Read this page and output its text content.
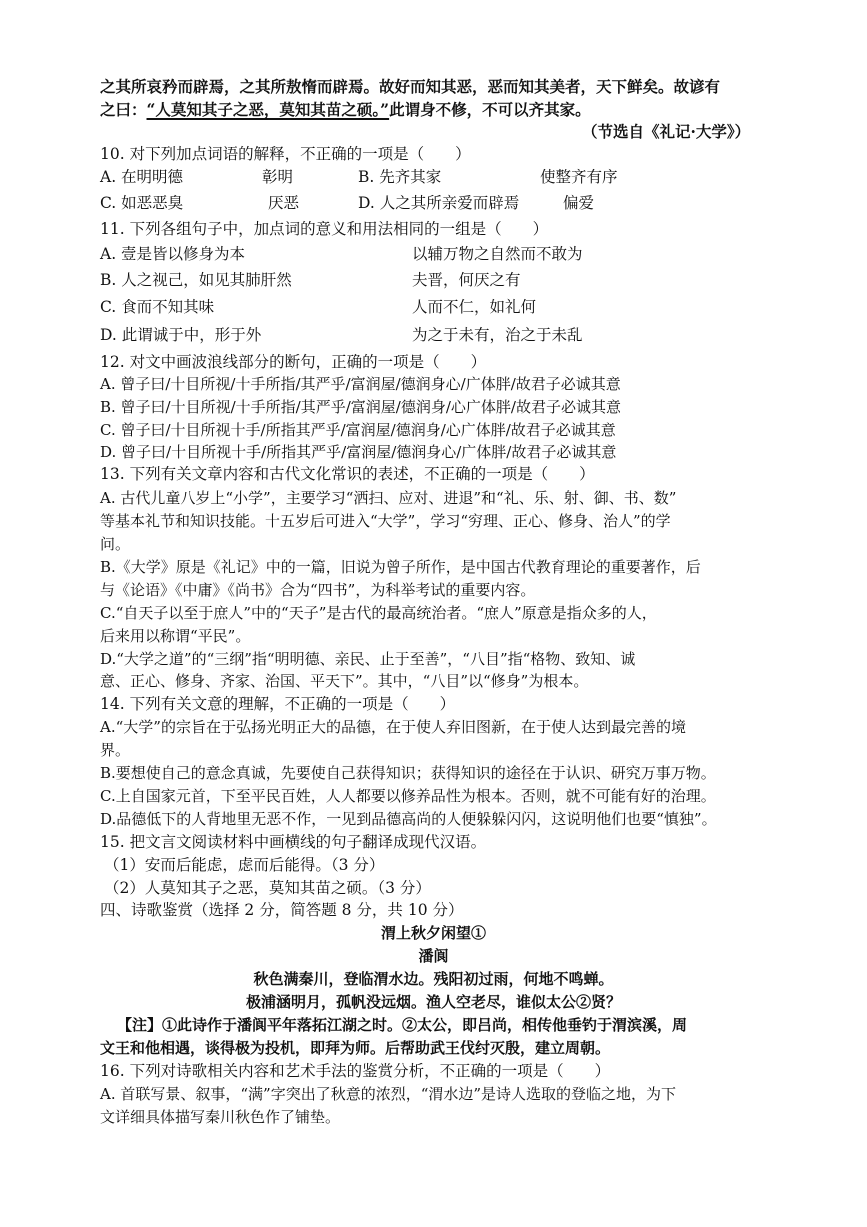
之其所哀矜而辟焉，之其所敖惰而辟焉。故好而知其恶，恶而知其美者，天下鲜矣。故谚有
之曰：“人莫知其子之恶，莫知其苗之硕。”此谓身不修，不可以齐其家。
（节选自《礼记·大学》）
10. 对下列加点词语的解释，不正确的一项是（　　）
A. 在明明德	彰明	B. 先齐其家	使整齐有序
C. 如恶恶臭	厌恶	D. 人之其所亲爱而辟焉	偏爱
11. 下列各组句子中，加点词的意义和用法相同的一组是（　　）
A. 壹是皆以修身为本	以辅万物之自然而不敢为
B. 人之视己，如见其肺肝然	夫晋，何厌之有
C. 食而不知其味	人而不仁，如礼何
D. 此谓诚于中，形于外	为之于未有，治之于未乱
12. 对文中画波浪线部分的断句，正确的一项是（　　）
A. 曾子曰/十目所视/十手所指/其严乎/富润屋/德润身心/广体胖/故君子必诚其意
B. 曾子曰/十目所视/十手所指/其严乎/富润屋/德润身/心广体胖/故君子必诚其意
C. 曾子曰/十目所视十手/所指其严乎/富润屋/德润身/心广体胖/故君子必诚其意
D. 曾子曰/十目所视十手/所指其严乎/富润屋/德润身心/广体胖/故君子必诚其意
13. 下列有关文章内容和古代文化常识的表述，不正确的一项是（　　）
A. 古代儿童八岁上“小学”，主要学习“洒扫、应对、进退”和“礼、乐、射、御、书、数”
等基本礼节和知识技能。十五岁后可进入“大学”，学习“穷理、正心、修身、治人”的学
问。
B.《大学》原是《礼记》中的一篇，旧说为曾子所作，是中国古代教育理论的重要著作，后
与《论语》《中庸》《尚书》合为“四书”，为科举考试的重要内容。
C.“自天子以至于庶人”中的“天子”是古代的最高统治者。“庶人”原意是指众多的人，
后来用以称谓“平民”。
D.“大学之道”的“三纲”指“明明德、亲民、止于至善”，“八目”指“格物、致知、诚
意、正心、修身、齐家、治国、平天下”。其中，“八目”以“修身”为根本。
14. 下列有关文意的理解，不正确的一项是（　　）
A.“大学”的宗旨在于弘扬光明正大的品德，在于使人弃旧图新，在于使人达到最完善的境
界。
B.要想使自己的意念真诚，先要使自己获得知识；获得知识的途径在于认识、研究万事万物。
C.上自国家元首，下至平民百姓，人人都要以修养品性为根本。否则，就不可能有好的治理。
D.品德低下的人背地里无恶不作，一见到品德高尚的人便躲躲闪闪，这说明他们也要“慎独”。
15. 把文言文阅读材料中画横线的句子翻译成现代汉语。
（1）安而后能虑，虑而后能得。（3 分）
（2）人莫知其子之恶，莫知其苗之硕。（3 分）
四、诗歌鉴赏（选择 2 分，简答题 8 分，共 10 分）
渭上秋夕闲望①
潘阆
秋色满秦川，登临渭水边。残阳初过雨，何地不鸣蝉。
极浦涵明月，孤帆没远烟。渔人空老尽，谁似太公②贤？
【注】①此诗作于潘阆平年落拓江湖之时。②太公，即吕尚，相传他垂钓于渭滨溪，周
文王和他相遇，谈得极为投机，即拜为师。后帮助武王伐纣灭殷，建立周朝。
16. 下列对诗歌相关内容和艺术手法的鉴赏分析，不正确的一项是（　　）
A. 首联写景、叙事，“满”字突出了秋意的浓烈，“渭水边”是诗人选取的登临之地，为下
文详细具体描写秦川秋色作了铺垫。
